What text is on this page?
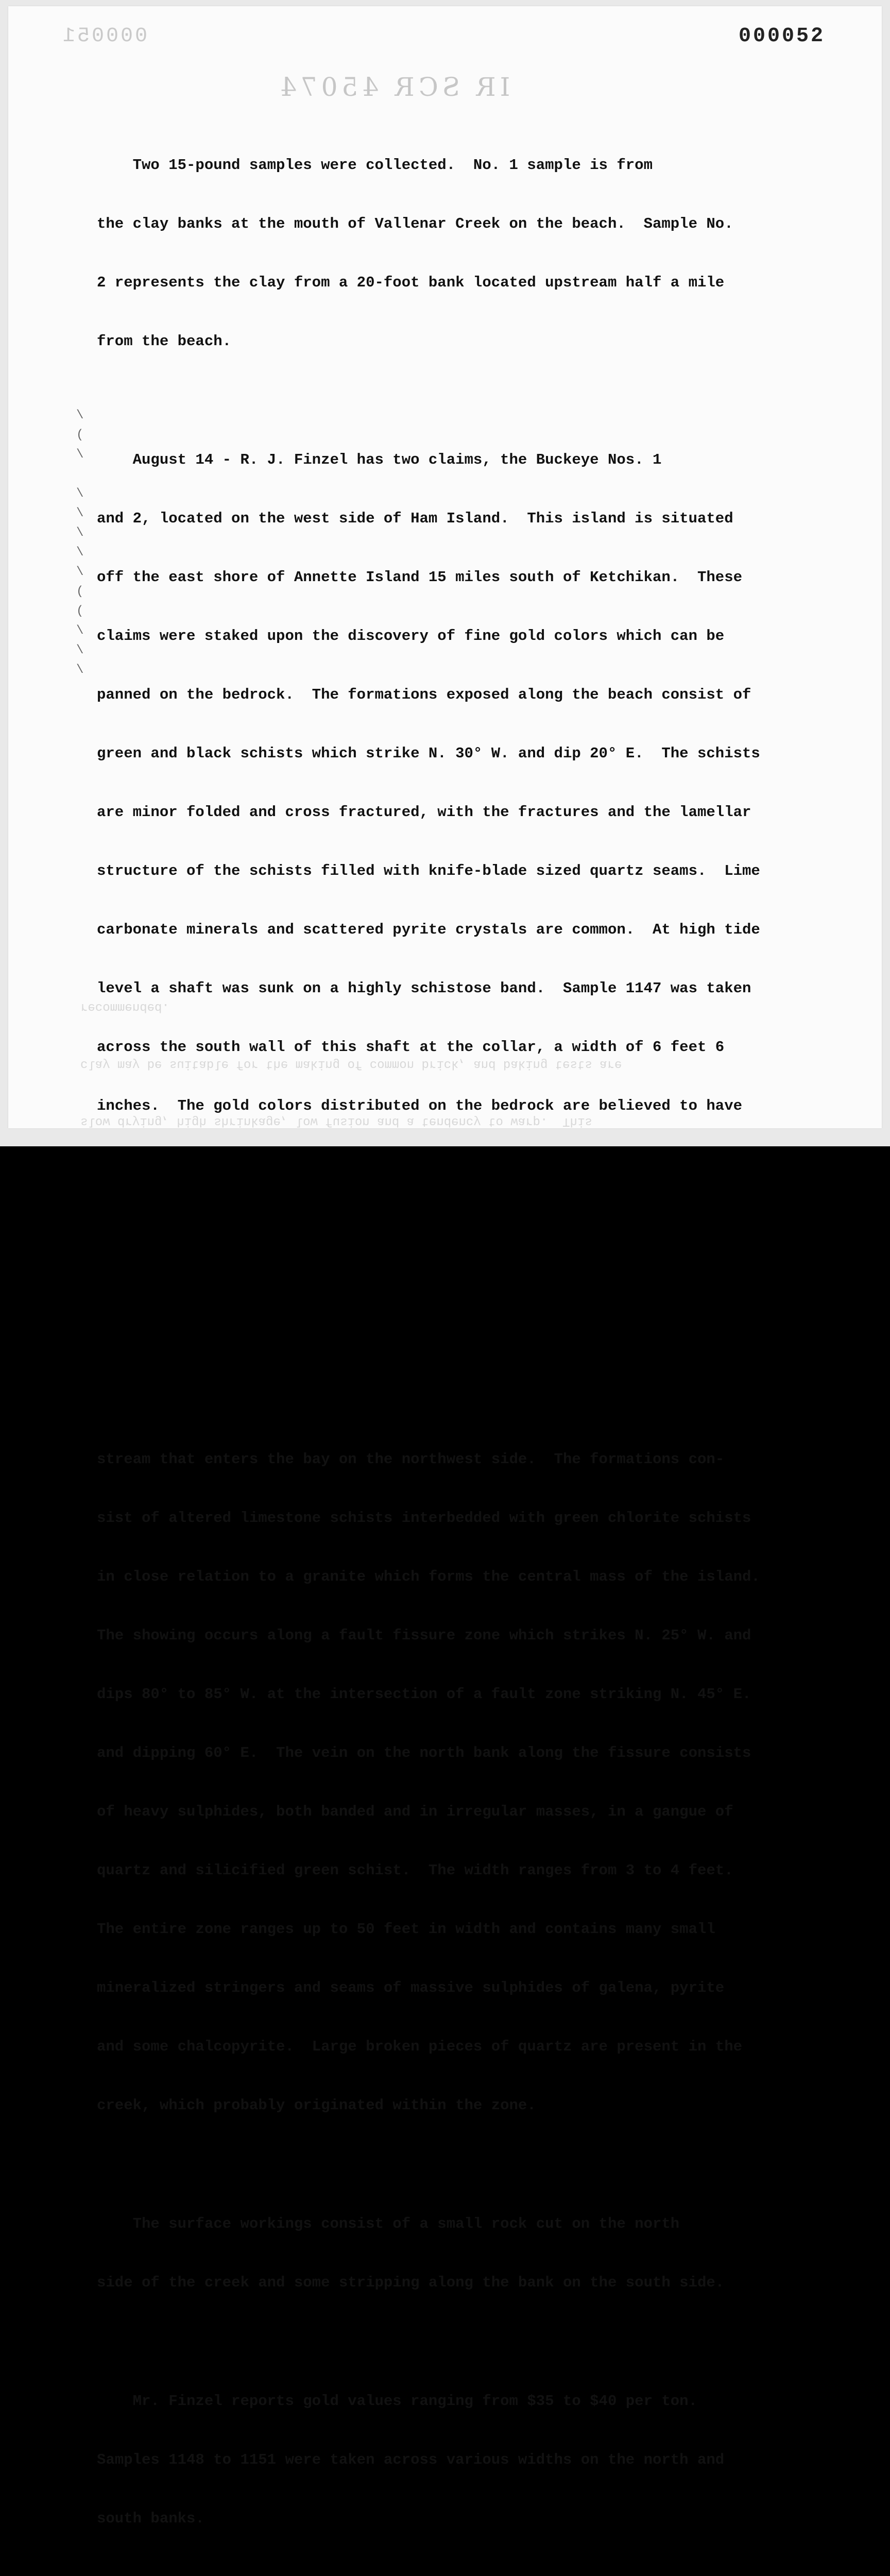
000051	000052
IR SCR 45074

slow drying, high shrinkage, low fusion and a tendency to warp.  This

clay may be suitable for the making of common brick, and baking tests are

recommended.

\
(
\

\
\
\
\
\
(
(
\
\
\

Two 15-pound samples were collected.  No. 1 sample is from

the clay banks at the mouth of Vallenar Creek on the beach.  Sample No.

2 represents the clay from a 20-foot bank located upstream half a mile

from the beach.

August 14 - R. J. Finzel has two claims, the Buckeye Nos. 1

and 2, located on the west side of Ham Island.  This island is situated

off the east shore of Annette Island 15 miles south of Ketchikan.  These

claims were staked upon the discovery of fine gold colors which can be

panned on the bedrock.  The formations exposed along the beach consist of

green and black schists which strike N. 30° W. and dip 20° E.  The schists

are minor folded and cross fractured, with the fractures and the lamellar

structure of the schists filled with knife-blade sized quartz seams.  Lime

carbonate minerals and scattered pyrite crystals are common.  At high tide

level a shaft was sunk on a highly schistose band.  Sample 1147 was taken

across the south wall of this shaft at the collar, a width of 6 feet 6

inches.  The gold colors distributed on the bedrock are believed to have

stream that enters the bay on the northwest side.  The formations con-

sist of altered limestone schists interbedded with green chlorite schists

in close relation to a granite which forms the central mass of the island.

The showing occurs along a fault fissure zone which strikes N. 25° W. and

dips 80° to 85° W. at the intersection of a fault zone striking N. 45° E.

and dipping 60° E.  The vein on the north bank along the fissure consists

of heavy sulphides, both banded and in irregular masses, in a gangue of

quartz and silicified green schist.  The width ranges from 3 to 4 feet.

The entire zone ranges up to 50 feet in width and contains many small

mineralized stringers and seams of massive sulphides of galena, pyrite

and some chalcopyrite.  Large broken pieces of quartz are present in the

creek, which probably originated within the zone.

The surface workings consist of a small rock cut on the north

side of the creek and some stripping along the bank on the south side.

Mr. Finzel reports gold values ranging from $35 to $40 per ton.

Samples 1148 to 1151 were taken across various widths on the north and

south banks.
